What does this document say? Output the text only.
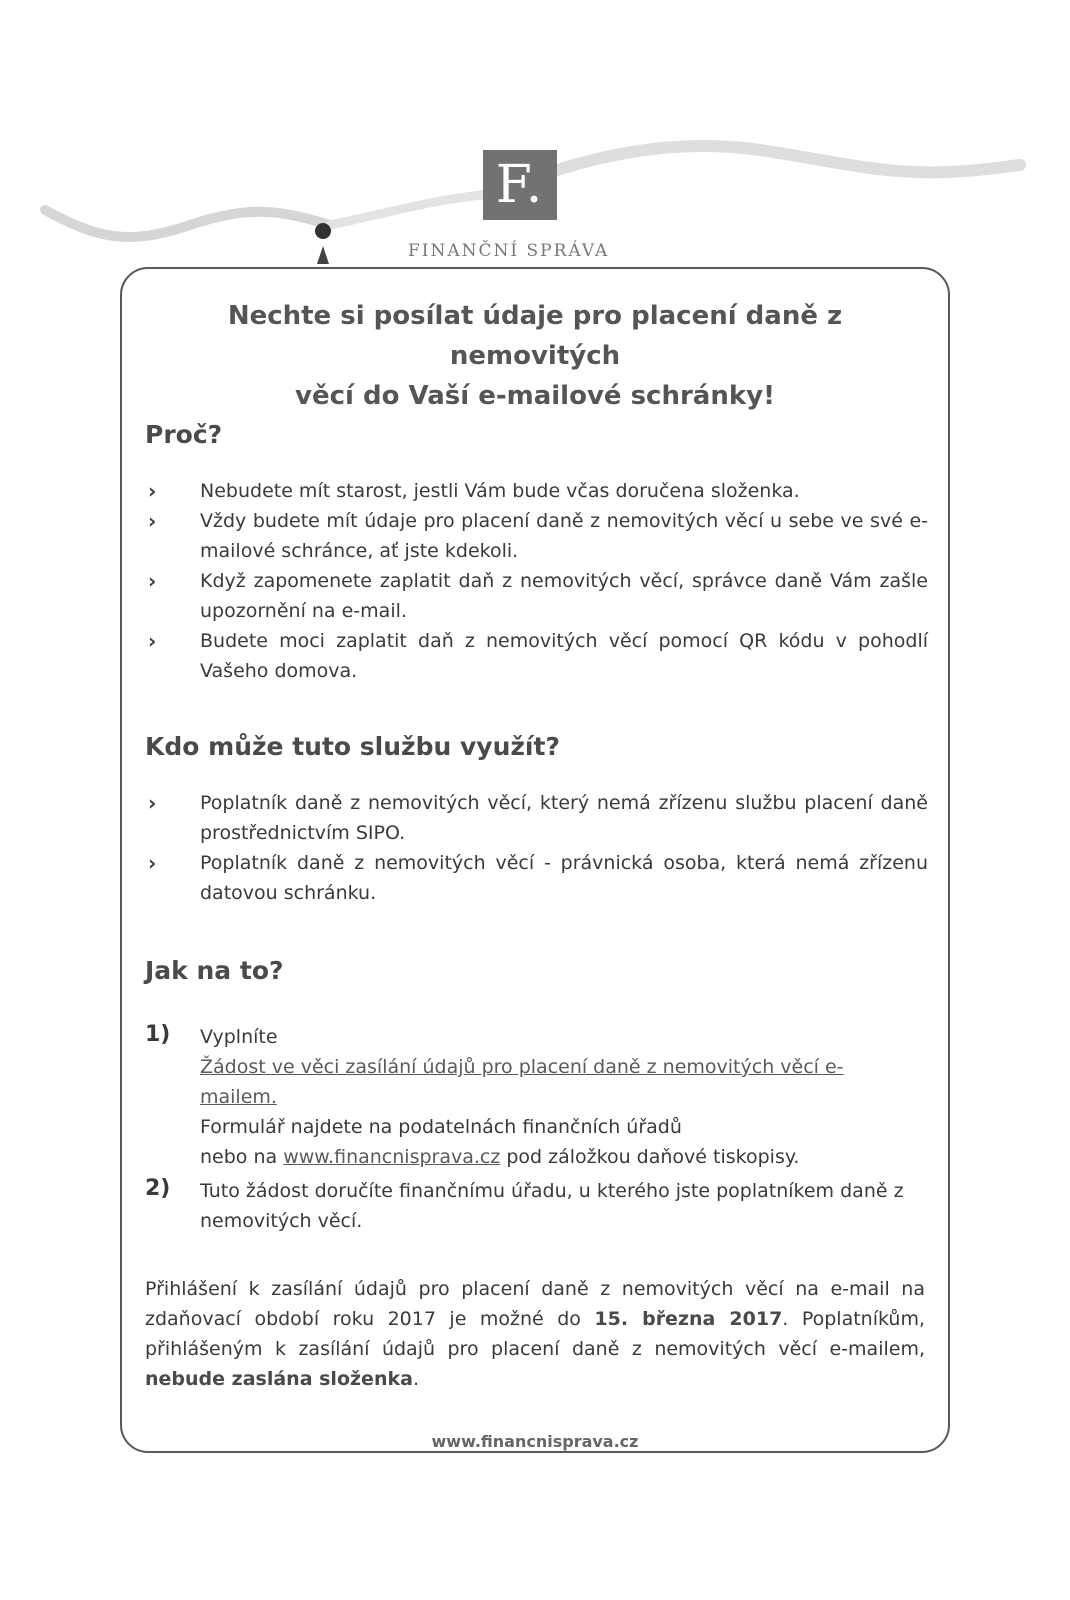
F.
FINANČNÍ SPRÁVA
Nechte si posílat údaje pro placení daně z nemovitých
věcí do Vaší e-mailové schránky!
Proč?
› Nebudete mít starost, jestli Vám bude včas doručena složenka.
› Vždy budete mít údaje pro placení daně z nemovitých věcí u sebe ve své e-mailové schránce, ať jste kdekoli.
› Když zapomenete zaplatit daň z nemovitých věcí, správce daně Vám zašle upozornění na e-mail.
› Budete moci zaplatit daň z nemovitých věcí pomocí QR kódu v pohodlí Vašeho domova.
Kdo může tuto službu využít?
› Poplatník daně z nemovitých věcí, který nemá zřízenu službu placení daně prostřednictvím SIPO.
› Poplatník daně z nemovitých věcí - právnická osoba, která nemá zřízenu datovou schránku.
Jak na to?
1) Vyplníte

Žádost ve věci zasílání údajů pro placení daně z nemovitých věcí e-mailem.

Formulář najdete na podatelnách finančních úřadů

nebo na www.financnisprava.cz pod záložkou daňové tiskopisy.

2) Tuto žádost doručíte finančnímu úřadu, u kterého jste poplatníkem daně z nemovitých věcí.

Přihlášení k zasílání údajů pro placení daně z nemovitých věcí na e-mail na zdaňovací období roku 2017 je možné do 15. března 2017. Poplatníkům, přihlášeným k zasílání údajů pro placení daně z nemovitých věcí e-mailem, nebude zaslána složenka.

www.financnisprava.cz
